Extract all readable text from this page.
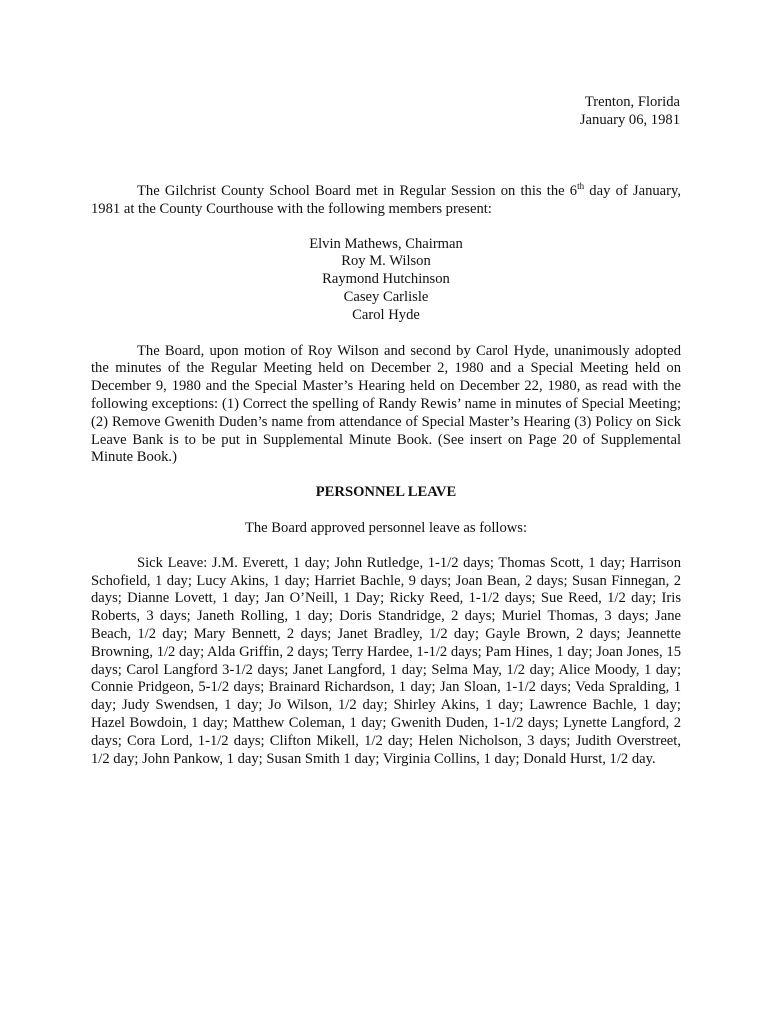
Trenton, Florida
January 06, 1981

The Gilchrist County School Board met in Regular Session on this the 6th day of January, 1981 at the County Courthouse with the following members present:

Elvin Mathews, Chairman
Roy M. Wilson
Raymond Hutchinson
Casey Carlisle
Carol Hyde

The Board, upon motion of Roy Wilson and second by Carol Hyde, unanimously adopted the minutes of the Regular Meeting held on December 2, 1980 and a Special Meeting held on December 9, 1980 and the Special Master’s Hearing held on December 22, 1980, as read with the following exceptions: (1) Correct the spelling of Randy Rewis’ name in minutes of Special Meeting; (2) Remove Gwenith Duden’s name from attendance of Special Master’s Hearing (3) Policy on Sick Leave Bank is to be put in Supplemental Minute Book. (See insert on Page 20 of Supplemental Minute Book.)

PERSONNEL LEAVE

The Board approved personnel leave as follows:

Sick Leave: J.M. Everett, 1 day; John Rutledge, 1-1/2 days; Thomas Scott, 1 day; Harrison Schofield, 1 day; Lucy Akins, 1 day; Harriet Bachle, 9 days; Joan Bean, 2 days; Susan Finnegan, 2 days; Dianne Lovett, 1 day; Jan O’Neill, 1 Day; Ricky Reed, 1-1/2 days; Sue Reed, 1/2 day; Iris Roberts, 3 days; Janeth Rolling, 1 day; Doris Standridge, 2 days; Muriel Thomas, 3 days; Jane Beach, 1/2 day; Mary Bennett, 2 days; Janet Bradley, 1/2 day; Gayle Brown, 2 days; Jeannette Browning, 1/2 day; Alda Griffin, 2 days; Terry Hardee, 1-1/2 days; Pam Hines, 1 day; Joan Jones, 15 days; Carol Langford 3-1/2 days; Janet Langford, 1 day; Selma May, 1/2 day; Alice Moody, 1 day; Connie Pridgeon, 5-1/2 days; Brainard Richardson, 1 day; Jan Sloan, 1-1/2 days; Veda Spralding, 1 day; Judy Swendsen, 1 day; Jo Wilson, 1/2 day; Shirley Akins, 1 day; Lawrence Bachle, 1 day; Hazel Bowdoin, 1 day; Matthew Coleman, 1 day; Gwenith Duden, 1-1/2 days; Lynette Langford, 2 days; Cora Lord, 1-1/2 days; Clifton Mikell, 1/2 day; Helen Nicholson, 3 days; Judith Overstreet, 1/2 day; John Pankow, 1 day; Susan Smith 1 day; Virginia Collins, 1 day; Donald Hurst, 1/2 day.
